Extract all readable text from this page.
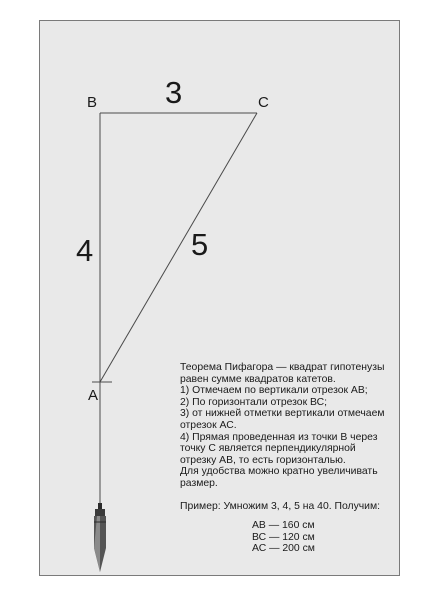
B	C
A
3
4	5
Теорема Пифагора — квадрат гипотенузы
равен сумме квадратов катетов.
1) Отмечаем по вертикали отрезок АВ;
2) По горизонтали отрезок ВС;
3) от нижней отметки вертикали отмечаем
отрезок АС.
4) Прямая проведенная из точки В через
точку С является перпендикулярной
отрезку АВ, то есть горизонталью.
Для удобства можно кратно увеличивать
размер.
Пример: Умножим 3, 4, 5 на 40. Получим:
АВ — 160 см
ВС — 120 см
АС — 200 см
